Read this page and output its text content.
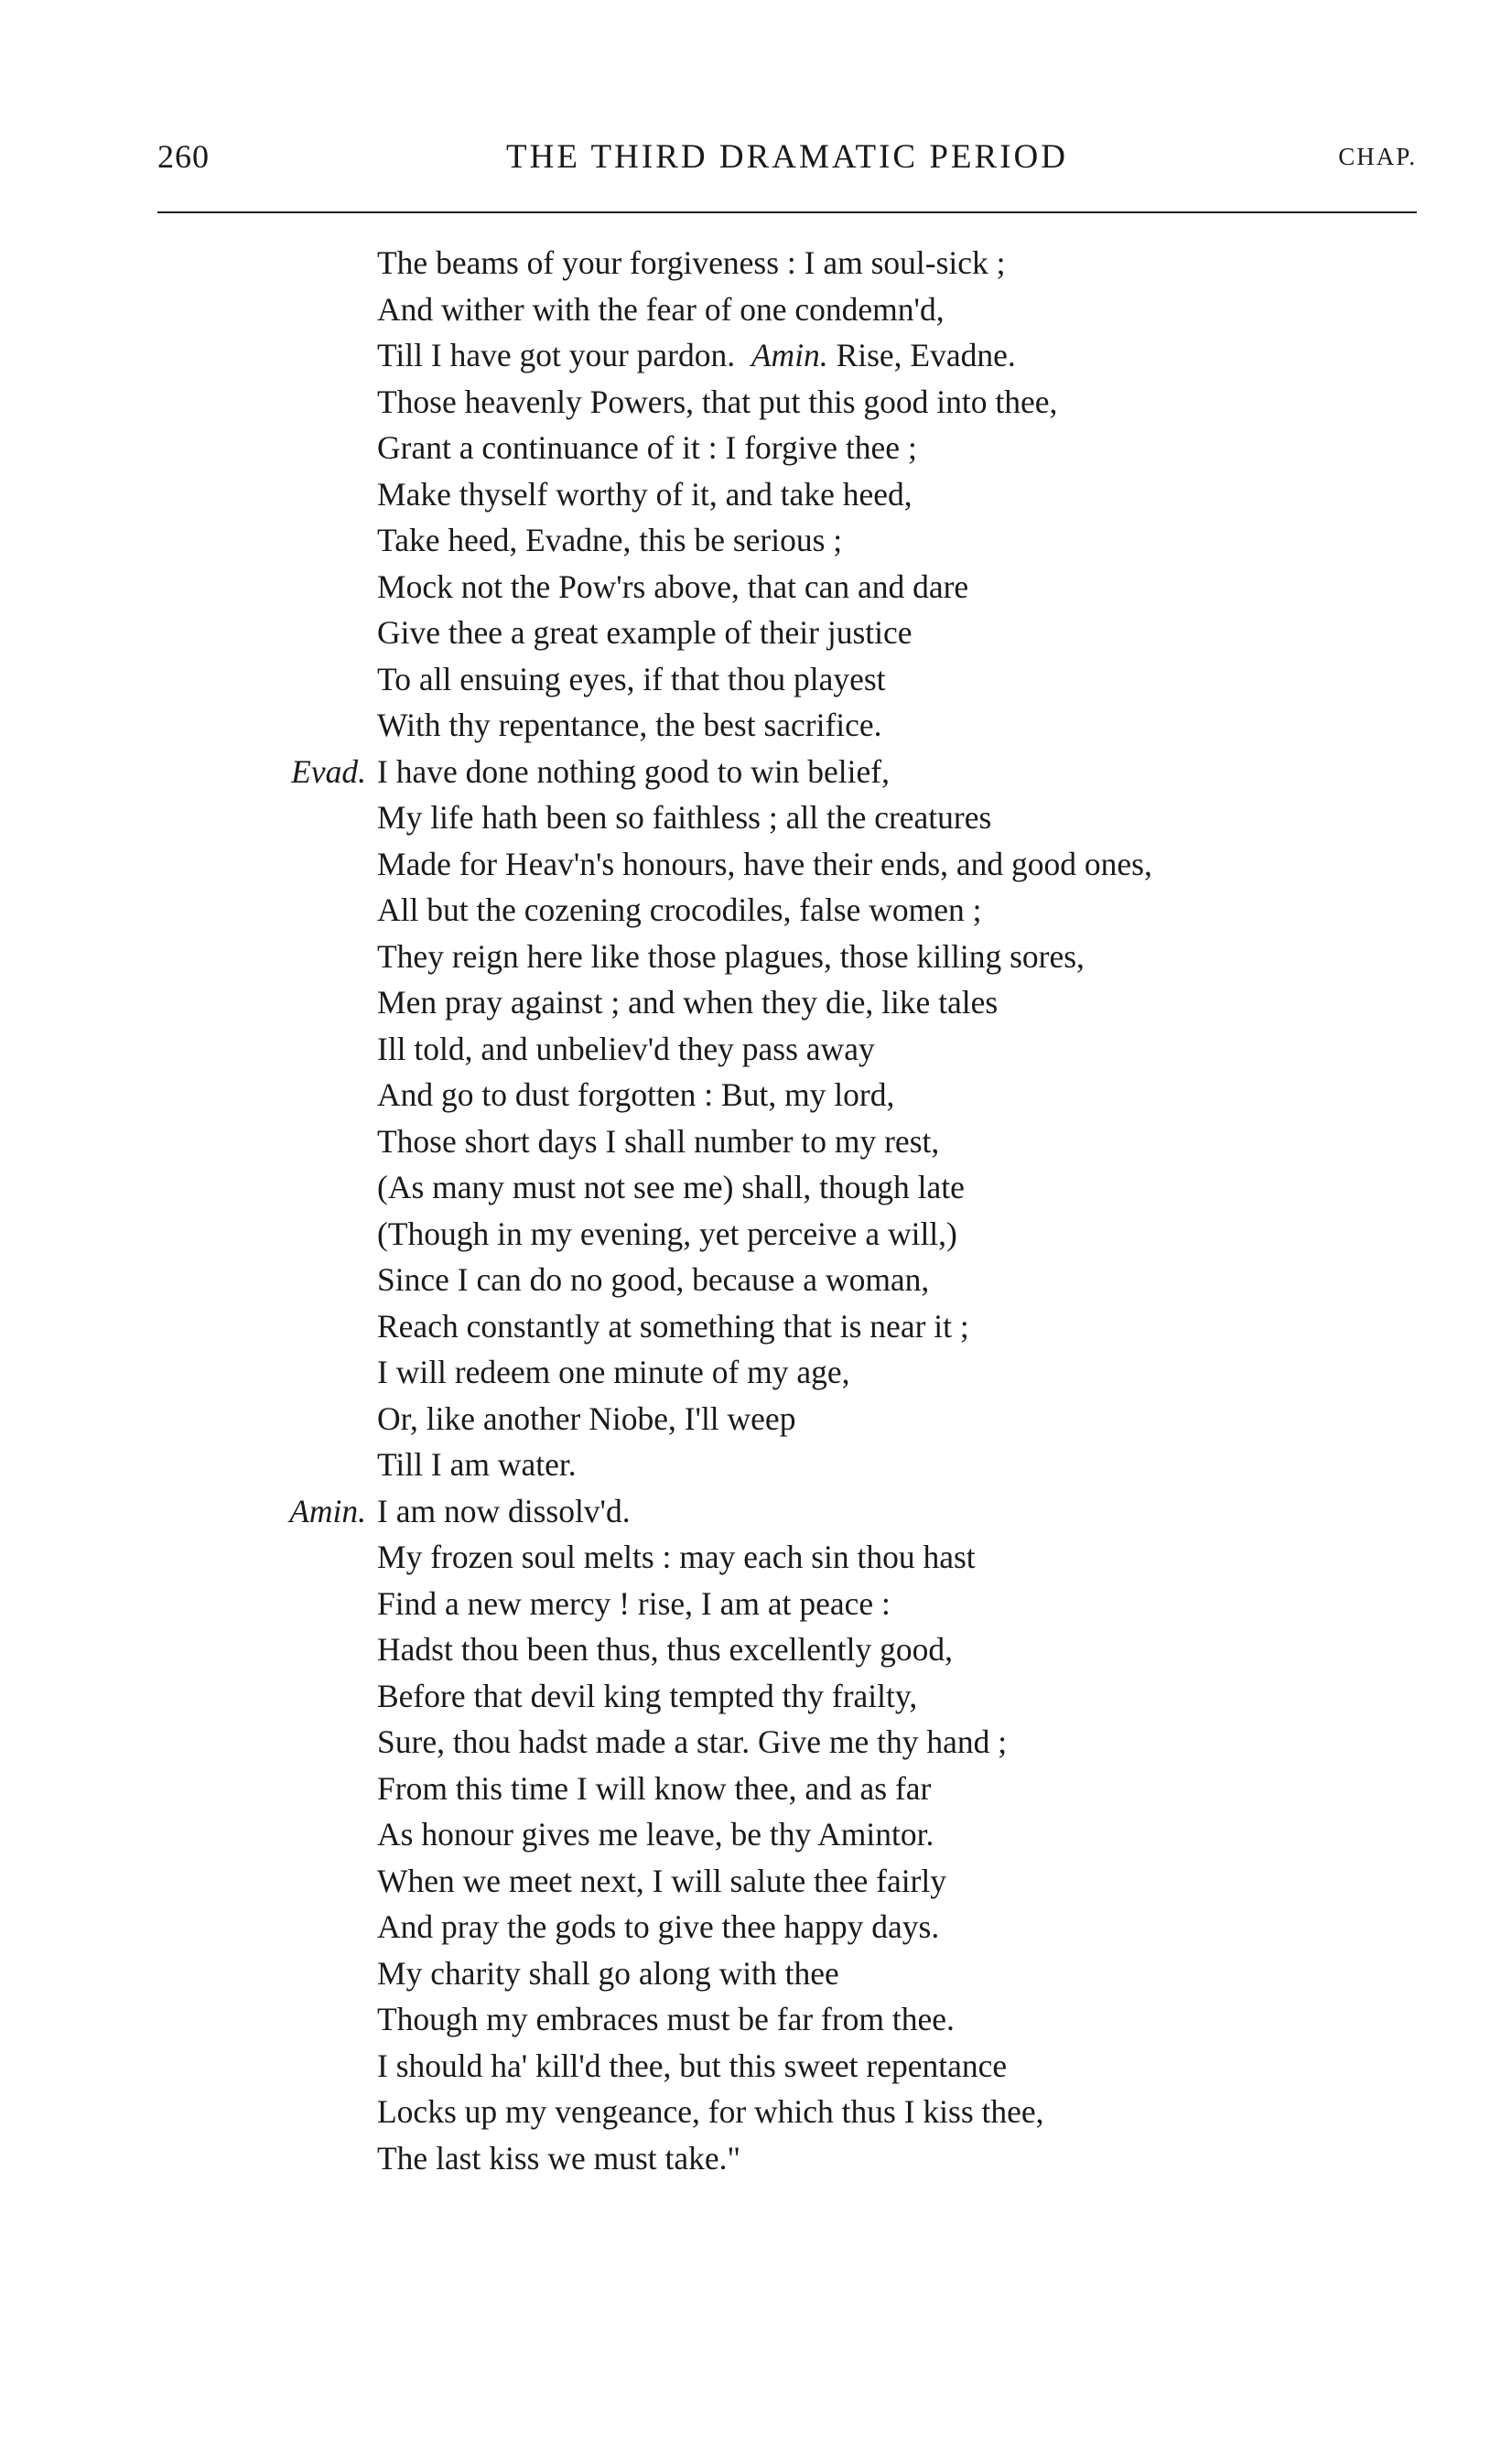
260	THE THIRD DRAMATIC PERIOD	CHAP.
The beams of your forgiveness : I am soul-sick ;
And wither with the fear of one condemn'd,
Till I have got your pardon.  Amin. Rise, Evadne.
Those heavenly Powers, that put this good into thee,
Grant a continuance of it : I forgive thee ;
Make thyself worthy of it, and take heed,
Take heed, Evadne, this be serious ;
Mock not the Pow'rs above, that can and dare
Give thee a great example of their justice
To all ensuing eyes, if that thou playest
With thy repentance, the best sacrifice.
Evad. I have done nothing good to win belief,
My life hath been so faithless ; all the creatures
Made for Heav'n's honours, have their ends, and good ones,
All but the cozening crocodiles, false women ;
They reign here like those plagues, those killing sores,
Men pray against ; and when they die, like tales
Ill told, and unbeliev'd they pass away
And go to dust forgotten : But, my lord,
Those short days I shall number to my rest,
(As many must not see me) shall, though late
(Though in my evening, yet perceive a will,)
Since I can do no good, because a woman,
Reach constantly at something that is near it ;
I will redeem one minute of my age,
Or, like another Niobe, I'll weep
Till I am water.
Amin. I am now dissolv'd.
My frozen soul melts : may each sin thou hast
Find a new mercy ! rise, I am at peace :
Hadst thou been thus, thus excellently good,
Before that devil king tempted thy frailty,
Sure, thou hadst made a star. Give me thy hand ;
From this time I will know thee, and as far
As honour gives me leave, be thy Amintor.
When we meet next, I will salute thee fairly
And pray the gods to give thee happy days.
My charity shall go along with thee
Though my embraces must be far from thee.
I should ha' kill'd thee, but this sweet repentance
Locks up my vengeance, for which thus I kiss thee,
The last kiss we must take."
